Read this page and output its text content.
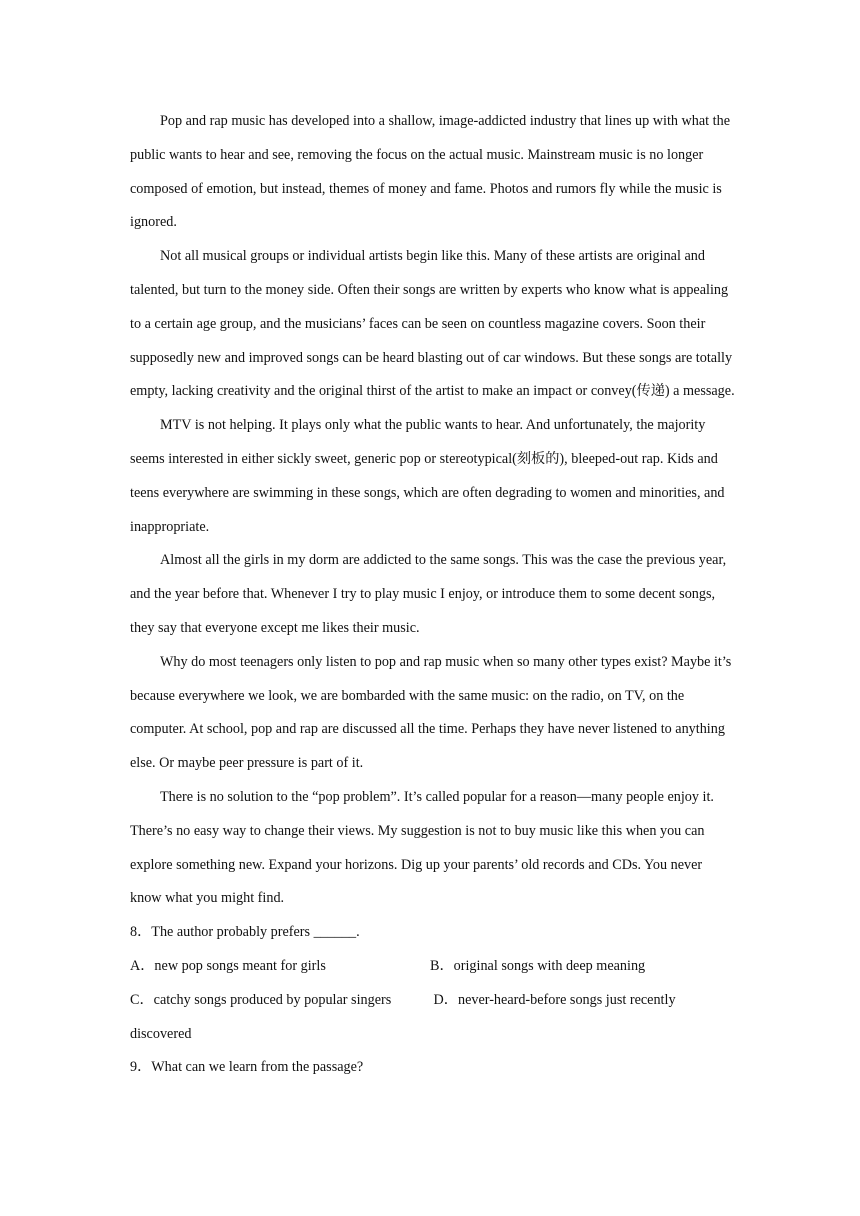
Pop and rap music has developed into a shallow, image-addicted industry that lines up with what the public wants to hear and see, removing the focus on the actual music. Mainstream music is no longer composed of emotion, but instead, themes of money and fame. Photos and rumors fly while the music is ignored.

Not all musical groups or individual artists begin like this. Many of these artists are original and talented, but turn to the money side. Often their songs are written by experts who know what is appealing to a certain age group, and the musicians’ faces can be seen on countless magazine covers. Soon their supposedly new and improved songs can be heard blasting out of car windows. But these songs are totally empty, lacking creativity and the original thirst of the artist to make an impact or convey(传递) a message.

MTV is not helping. It plays only what the public wants to hear. And unfortunately, the majority seems interested in either sickly sweet, generic pop or stereotypical(刻板的), bleeped-out rap. Kids and teens everywhere are swimming in these songs, which are often degrading to women and minorities, and inappropriate.

Almost all the girls in my dorm are addicted to the same songs. This was the case the previous year, and the year before that. Whenever I try to play music I enjoy, or introduce them to some decent songs, they say that everyone except me likes their music.

Why do most teenagers only listen to pop and rap music when so many other types exist? Maybe it’s because everywhere we look, we are bombarded with the same music: on the radio, on TV, on the computer. At school, pop and rap are discussed all the time. Perhaps they have never listened to anything else. Or maybe peer pressure is part of it.

There is no solution to the “pop problem”. It’s called popular for a reason—many people enjoy it. There’s no easy way to change their views. My suggestion is not to buy music like this when you can explore something new. Expand your horizons. Dig up your parents’ old records and CDs. You never know what you might find.

8．The author probably prefers ______.

A．new pop songs meant for girls	B．original songs with deep meaning
C．catchy songs produced by popular singers	D．never-heard-before songs just recently discovered

9．What can we learn from the passage?
